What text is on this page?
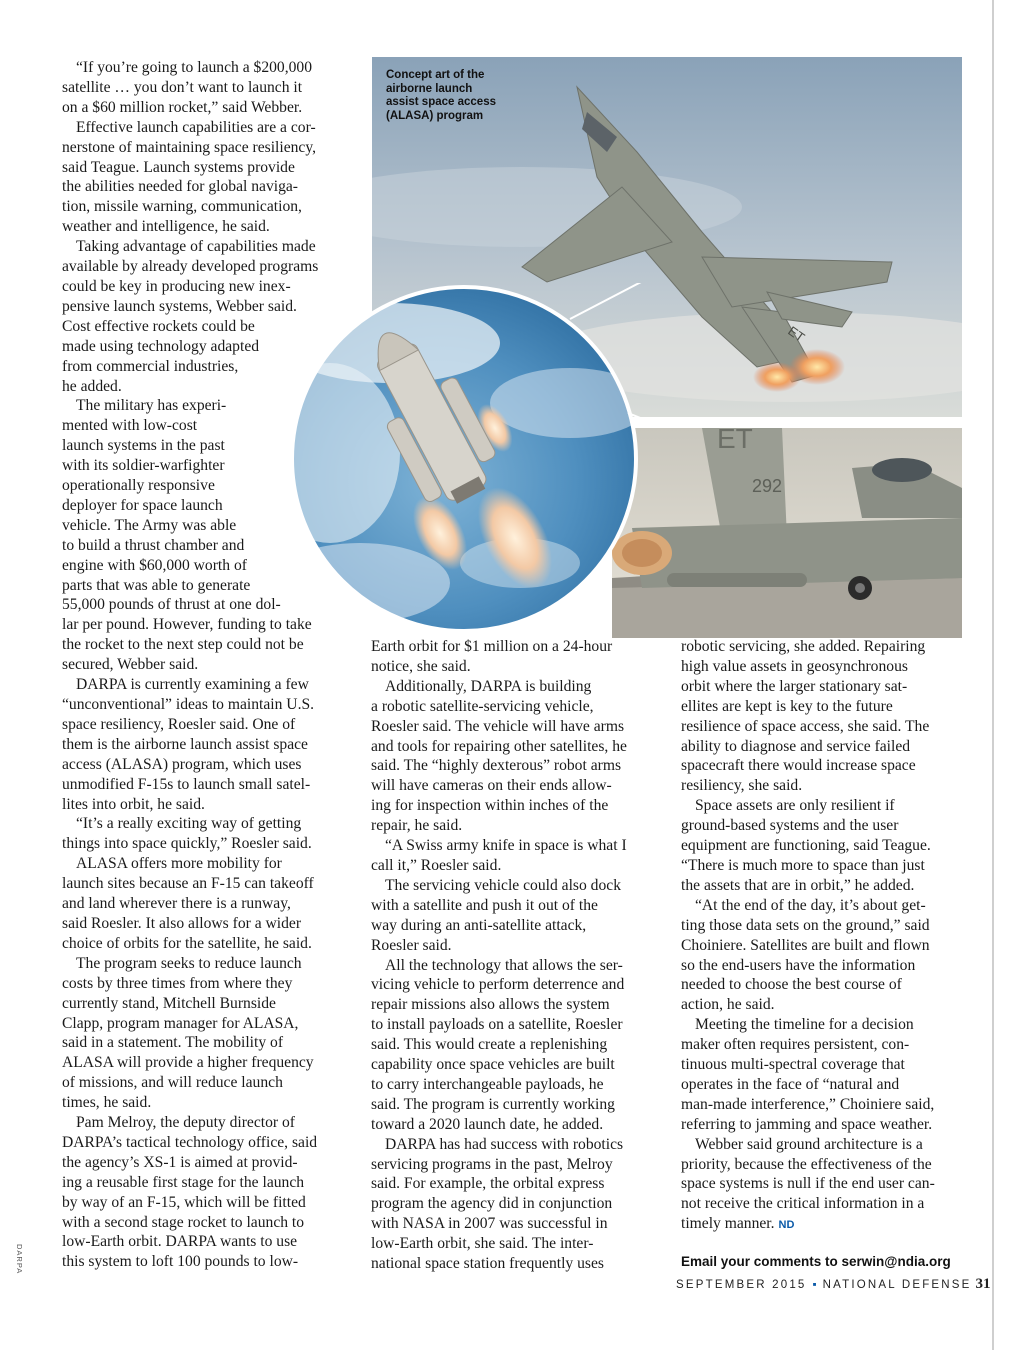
ET
ET
292
Concept art of the
airborne launch
assist space access
(ALASA) program
“If you’re going to launch a $200,000
satellite … you don’t want to launch it
on a $60 million rocket,” said Webber.
Effective launch capabilities are a cor-
nerstone of maintaining space resiliency,
said Teague. Launch systems provide
the abilities needed for global naviga-
tion, missile warning, communication,
weather and intelligence, he said.
Taking advantage of capabilities made
available by already developed programs
could be key in producing new inex-
pensive launch systems, Webber said.
Cost effective rockets could be
made using technology adapted
from commercial industries,
he added.
The military has experi-
mented with low-cost
launch systems in the past
with its soldier-warfighter
operationally responsive
deployer for space launch
vehicle. The Army was able
to build a thrust chamber and
engine with $60,000 worth of
parts that was able to generate
55,000 pounds of thrust at one dol-
lar per pound. However, funding to take
the rocket to the next step could not be
secured, Webber said.
DARPA is currently examining a few
“unconventional” ideas to maintain U.S.
space resiliency, Roesler said. One of
them is the airborne launch assist space
access (ALASA) program, which uses
unmodified F-15s to launch small satel-
lites into orbit, he said.
“It’s a really exciting way of getting
things into space quickly,” Roesler said.
ALASA offers more mobility for
launch sites because an F-15 can takeoff
and land wherever there is a runway,
said Roesler. It also allows for a wider
choice of orbits for the satellite, he said.
The program seeks to reduce launch
costs by three times from where they
currently stand, Mitchell Burnside
Clapp, program manager for ALASA,
said in a statement. The mobility of
ALASA will provide a higher frequency
of missions, and will reduce launch
times, he said.
Pam Melroy, the deputy director of
DARPA’s tactical technology office, said
the agency’s XS-1 is aimed at provid-
ing a reusable first stage for the launch
by way of an F-15, which will be fitted
with a second stage rocket to launch to
low-Earth orbit. DARPA wants to use
this system to loft 100 pounds to low-
Earth orbit for $1 million on a 24-hour
notice, she said.
Additionally, DARPA is building
a robotic satellite-servicing vehicle,
Roesler said. The vehicle will have arms
and tools for repairing other satellites, he
said. The “highly dexterous” robot arms
will have cameras on their ends allow-
ing for inspection within inches of the
repair, he said.
“A Swiss army knife in space is what I
call it,” Roesler said.
The servicing vehicle could also dock
with a satellite and push it out of the
way during an anti-satellite attack,
Roesler said.
All the technology that allows the ser-
vicing vehicle to perform deterrence and
repair missions also allows the system
to install payloads on a satellite, Roesler
said. This would create a replenishing
capability once space vehicles are built
to carry interchangeable payloads, he
said. The program is currently working
toward a 2020 launch date, he added.
DARPA has had success with robotics
servicing programs in the past, Melroy
said. For example, the orbital express
program the agency did in conjunction
with NASA in 2007 was successful in
low-Earth orbit, she said. The inter-
national space station frequently uses
robotic servicing, she added. Repairing
high value assets in geosynchronous
orbit where the larger stationary sat-
ellites are kept is key to the future
resilience of space access, she said. The
ability to diagnose and service failed
spacecraft there would increase space
resiliency, she said.
Space assets are only resilient if
ground-based systems and the user
equipment are functioning, said Teague.
“There is much more to space than just
the assets that are in orbit,” he added.
“At the end of the day, it’s about get-
ting those data sets on the ground,” said
Choiniere. Satellites are built and flown
so the end-users have the information
needed to choose the best course of
action, he said.
Meeting the timeline for a decision
maker often requires persistent, con-
tinuous multi-spectral coverage that
operates in the face of “natural and
man-made interference,” Choiniere said,
referring to jamming and space weather.
Webber said ground architecture is a
priority, because the effectiveness of the
space systems is null if the end user can-
not receive the critical information in a
timely manner. ND
DARPA	Email your comments to serwin@ndia.org
SEPTEMBER 2015 ▪ NATIONAL DEFENSE 31
